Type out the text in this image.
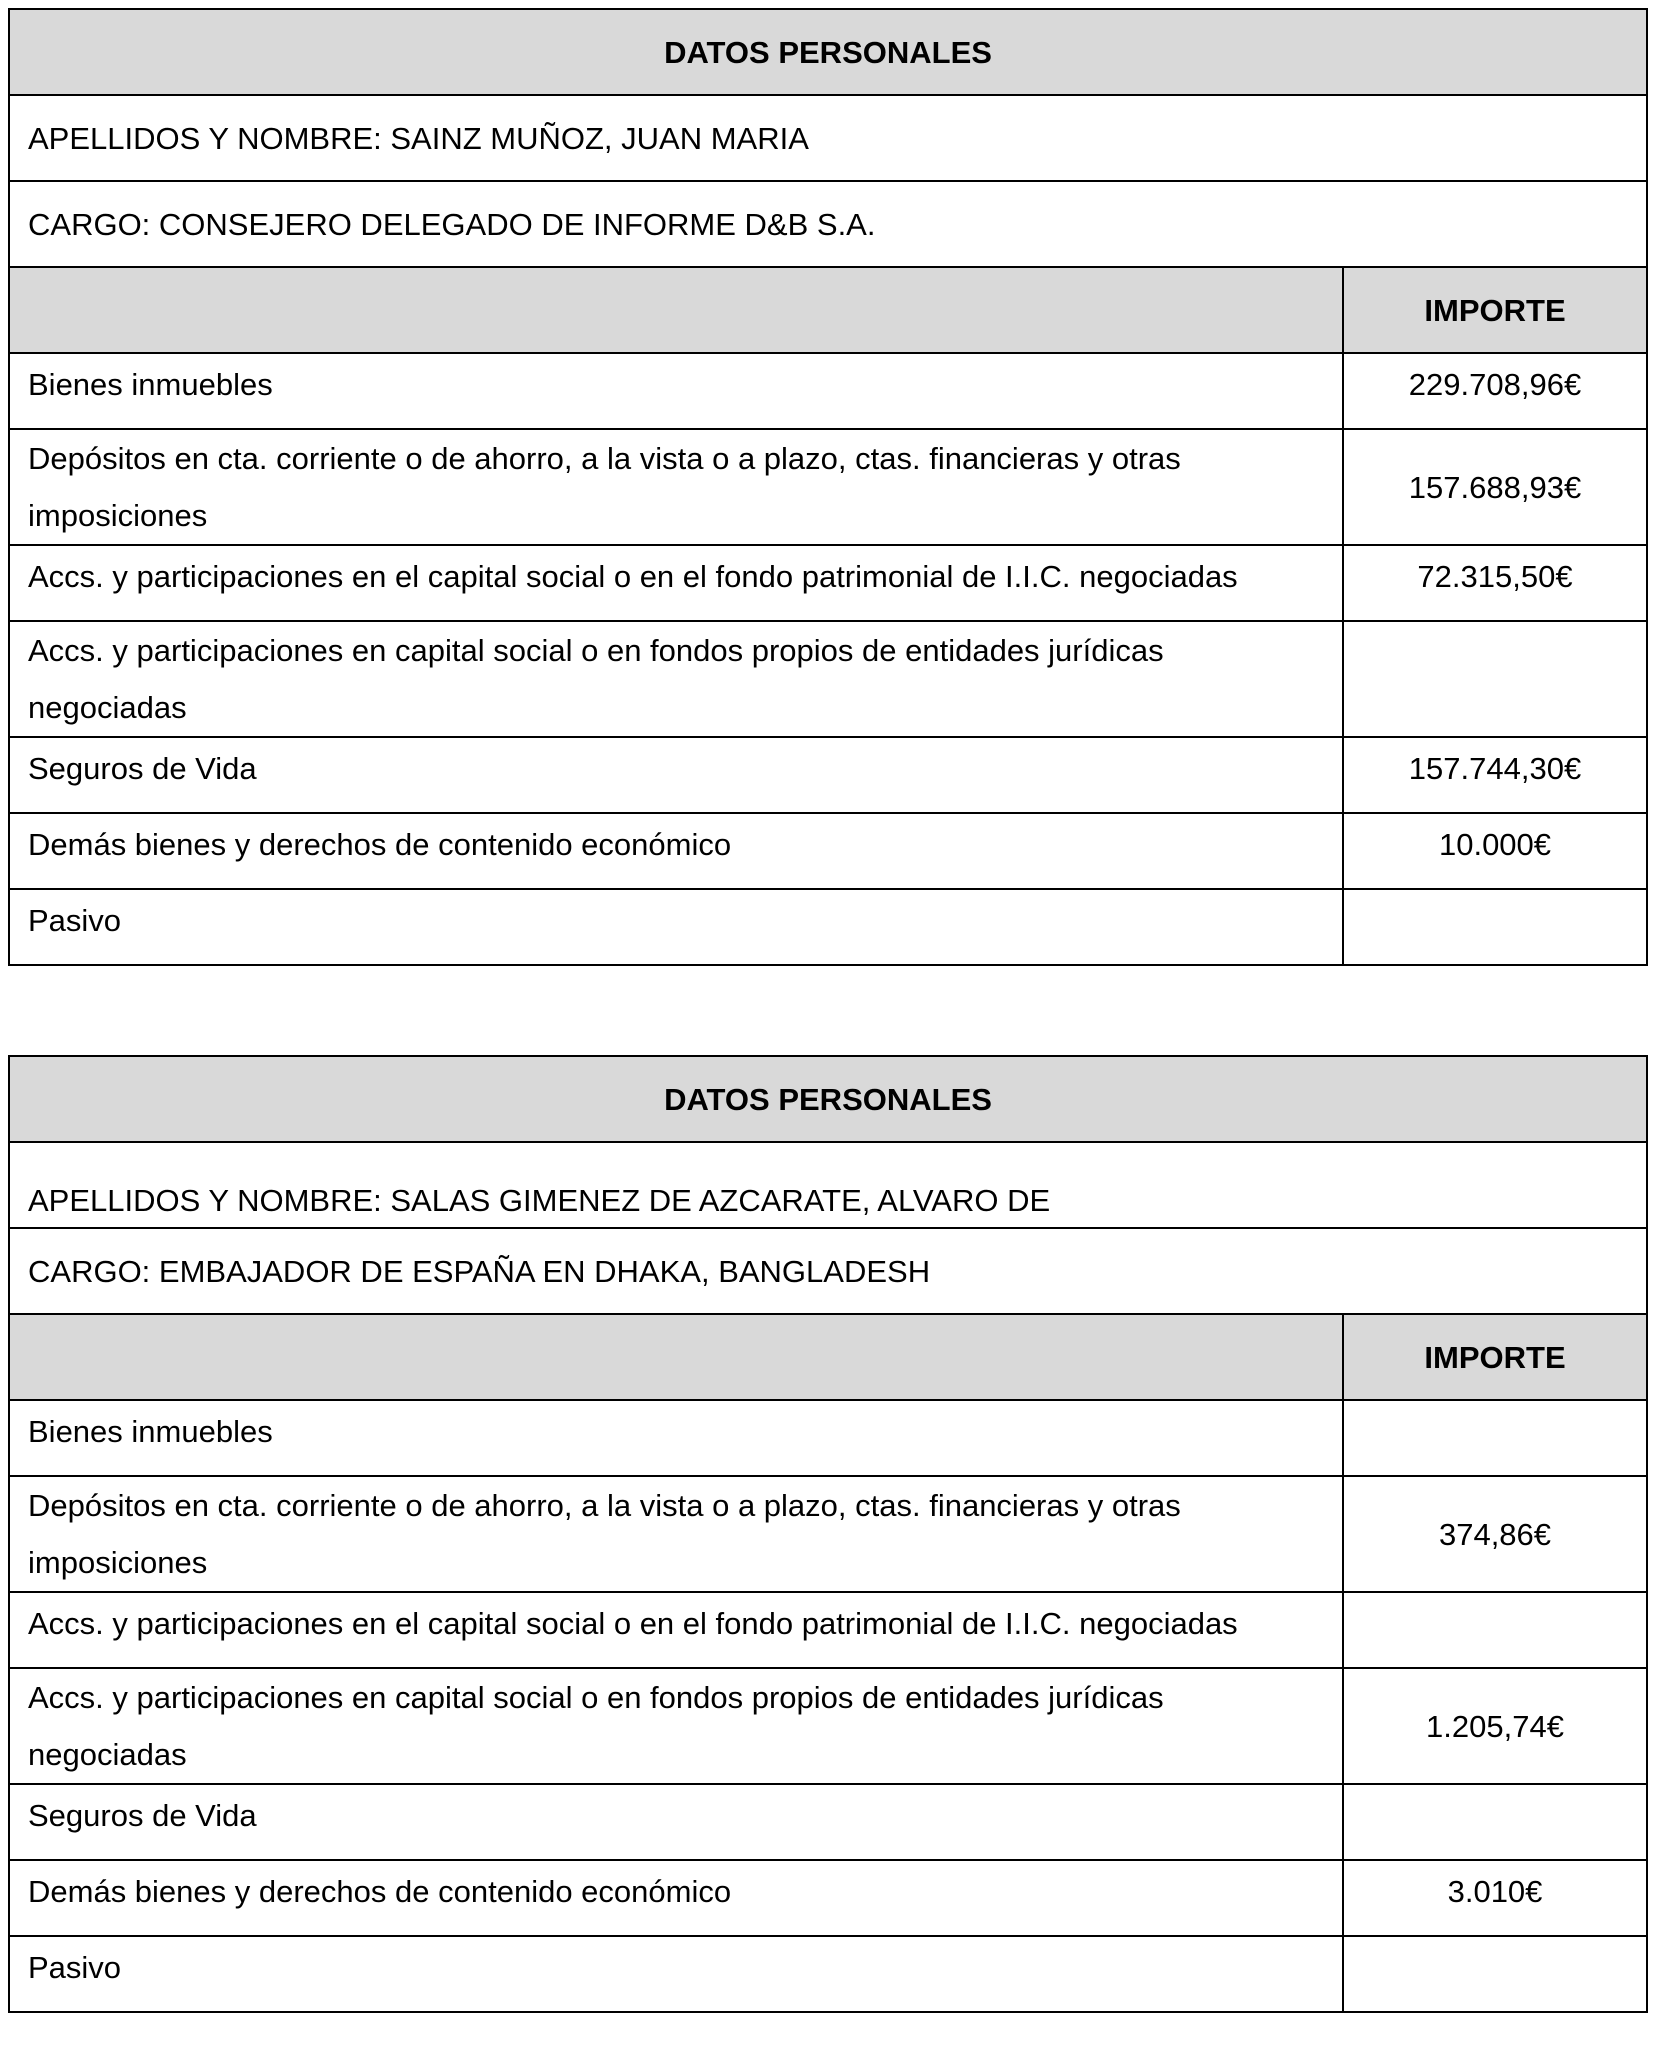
DATOS PERSONALES	
APELLIDOS Y NOMBRE: SAINZ MUÑOZ, JUAN MARIA	
CARGO: CONSEJERO DELEGADO DE INFORME D&B S.A.	
	IMPORTE
Bienes inmuebles	229.708,96€
Depósitos en cta. corriente o de ahorro, a la vista o a plazo, ctas. financieras y otras imposiciones	157.688,93€
Accs. y participaciones en el capital social o en el fondo patrimonial de I.I.C. negociadas	72.315,50€
Accs. y participaciones en capital social o en fondos propios de entidades jurídicas negociadas	
Seguros de Vida	157.744,30€
Demás bienes y derechos de contenido económico	10.000€
Pasivo	
DATOS PERSONALES	
APELLIDOS Y NOMBRE: SALAS GIMENEZ DE AZCARATE, ALVARO DE	
CARGO: EMBAJADOR DE ESPAÑA EN DHAKA, BANGLADESH	
	IMPORTE
Bienes inmuebles	
Depósitos en cta. corriente o de ahorro, a la vista o a plazo, ctas. financieras y otras imposiciones	374,86€
Accs. y participaciones en el capital social o en el fondo patrimonial de I.I.C. negociadas	
Accs. y participaciones en capital social o en fondos propios de entidades jurídicas negociadas	1.205,74€
Seguros de Vida	
Demás bienes y derechos de contenido económico	3.010€
Pasivo	
